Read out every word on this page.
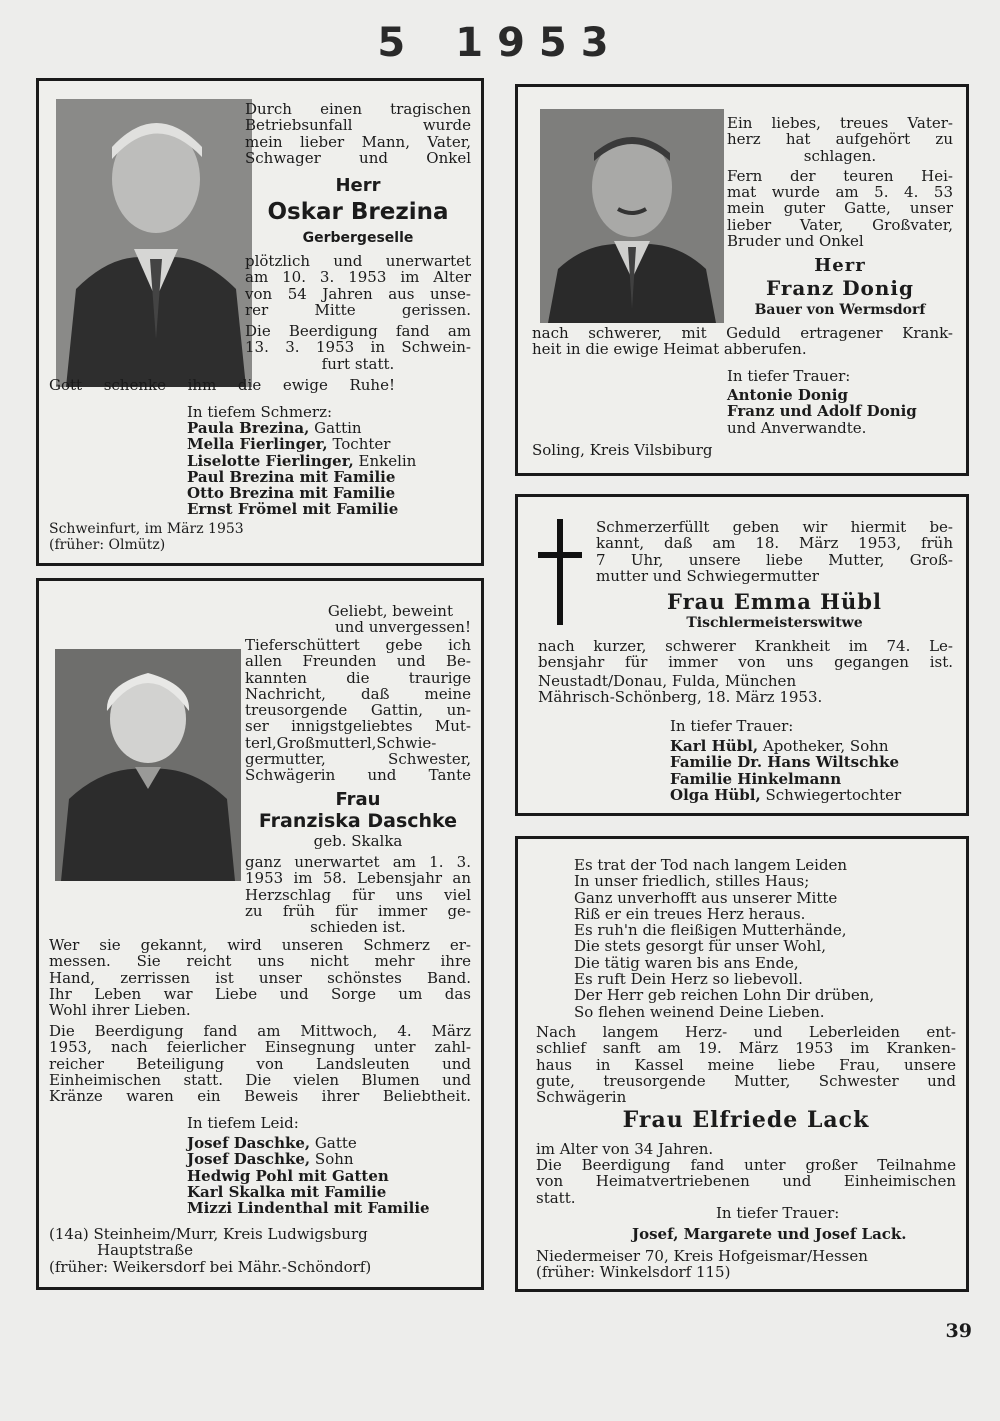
5 1953
Durch einen tragischen
Betriebsunfall wurde
mein lieber Mann, Vater,
Schwager und Onkel
Herr
Oskar Brezina
Gerbergeselle
plötzlich und unerwartet
am 10. 3. 1953 im Alter
von 54 Jahren aus unse-
rer Mitte gerissen.
Die Beerdigung fand am
13. 3. 1953 in Schwein-
furt statt.
Gott schenke ihm die ewige Ruhe!
In tiefem Schmerz:
Paula Brezina, Gattin
Mella Fierlinger, Tochter
Liselotte Fierlinger, Enkelin
Paul Brezina mit Familie
Otto Brezina mit Familie
Ernst Frömel mit Familie
Schweinfurt, im März 1953
(früher: Olmütz)
Ein liebes, treues Vater-
herz hat aufgehört zu
schlagen.
Fern der teuren Hei-
mat wurde am 5. 4. 53
mein guter Gatte, unser
lieber Vater, Großvater,
Bruder und Onkel
Herr
Franz Donig
Bauer von Wermsdorf
nach schwerer, mit Geduld ertragener Krank-
heit in die ewige Heimat abberufen.
In tiefer Trauer:
Antonie Donig
Franz und Adolf Donig
und Anverwandte.
Soling, Kreis Vilsbiburg
Geliebt, beweint
und unvergessen!
Tieferschüttert gebe ich
allen Freunden und Be-
kannten die traurige
Nachricht, daß meine
treusorgende Gattin, un-
ser innigstgeliebtes Mut-
terl,Großmutterl,Schwie-
germutter, Schwester,
Schwägerin und Tante
Frau
Franziska Daschke
geb. Skalka
ganz unerwartet am 1. 3.
1953 im 58. Lebensjahr an
Herzschlag für uns viel
zu früh für immer ge-
schieden ist.
Wer sie gekannt, wird unseren Schmerz er-
messen. Sie reicht uns nicht mehr ihre
Hand, zerrissen ist unser schönstes Band.
Ihr Leben war Liebe und Sorge um das
Wohl ihrer Lieben.
Die Beerdigung fand am Mittwoch, 4. März
1953, nach feierlicher Einsegnung unter zahl-
reicher Beteiligung von Landsleuten und
Einheimischen statt. Die vielen Blumen und
Kränze waren ein Beweis ihrer Beliebtheit.
In tiefem Leid:
Josef Daschke, Gatte
Josef Daschke, Sohn
Hedwig Pohl mit Gatten
Karl Skalka mit Familie
Mizzi Lindenthal mit Familie
(14a) Steinheim/Murr, Kreis Ludwigsburg
Hauptstraße
(früher: Weikersdorf bei Mähr.-Schöndorf)
Schmerzerfüllt geben wir hiermit be-
kannt, daß am 18. März 1953, früh
7 Uhr, unsere liebe Mutter, Groß-
mutter und Schwiegermutter
Frau Emma Hübl
Tischlermeisterswitwe
nach kurzer, schwerer Krankheit im 74. Le-
bensjahr für immer von uns gegangen ist.
Neustadt/Donau, Fulda, München
Mährisch-Schönberg, 18. März 1953.
In tiefer Trauer:
Karl Hübl, Apotheker, Sohn
Familie Dr. Hans Wiltschke
Familie Hinkelmann
Olga Hübl, Schwiegertochter
Es trat der Tod nach langem Leiden
In unser friedlich, stilles Haus;
Ganz unverhofft aus unserer Mitte
Riß er ein treues Herz heraus.
Es ruh'n die fleißigen Mutterhände,
Die stets gesorgt für unser Wohl,
Die tätig waren bis ans Ende,
Es ruft Dein Herz so liebevoll.
Der Herr geb reichen Lohn Dir drüben,
So flehen weinend Deine Lieben.
Nach langem Herz- und Leberleiden ent-
schlief sanft am 19. März 1953 im Kranken-
haus in Kassel meine liebe Frau, unsere
gute, treusorgende Mutter, Schwester und
Schwägerin
Frau Elfriede Lack
im Alter von 34 Jahren.
Die Beerdigung fand unter großer Teilnahme
von Heimatvertriebenen und Einheimischen
statt.
In tiefer Trauer:
Josef, Margarete und Josef Lack.
Niedermeiser 70, Kreis Hofgeismar/Hessen
(früher: Winkelsdorf 115)
39
